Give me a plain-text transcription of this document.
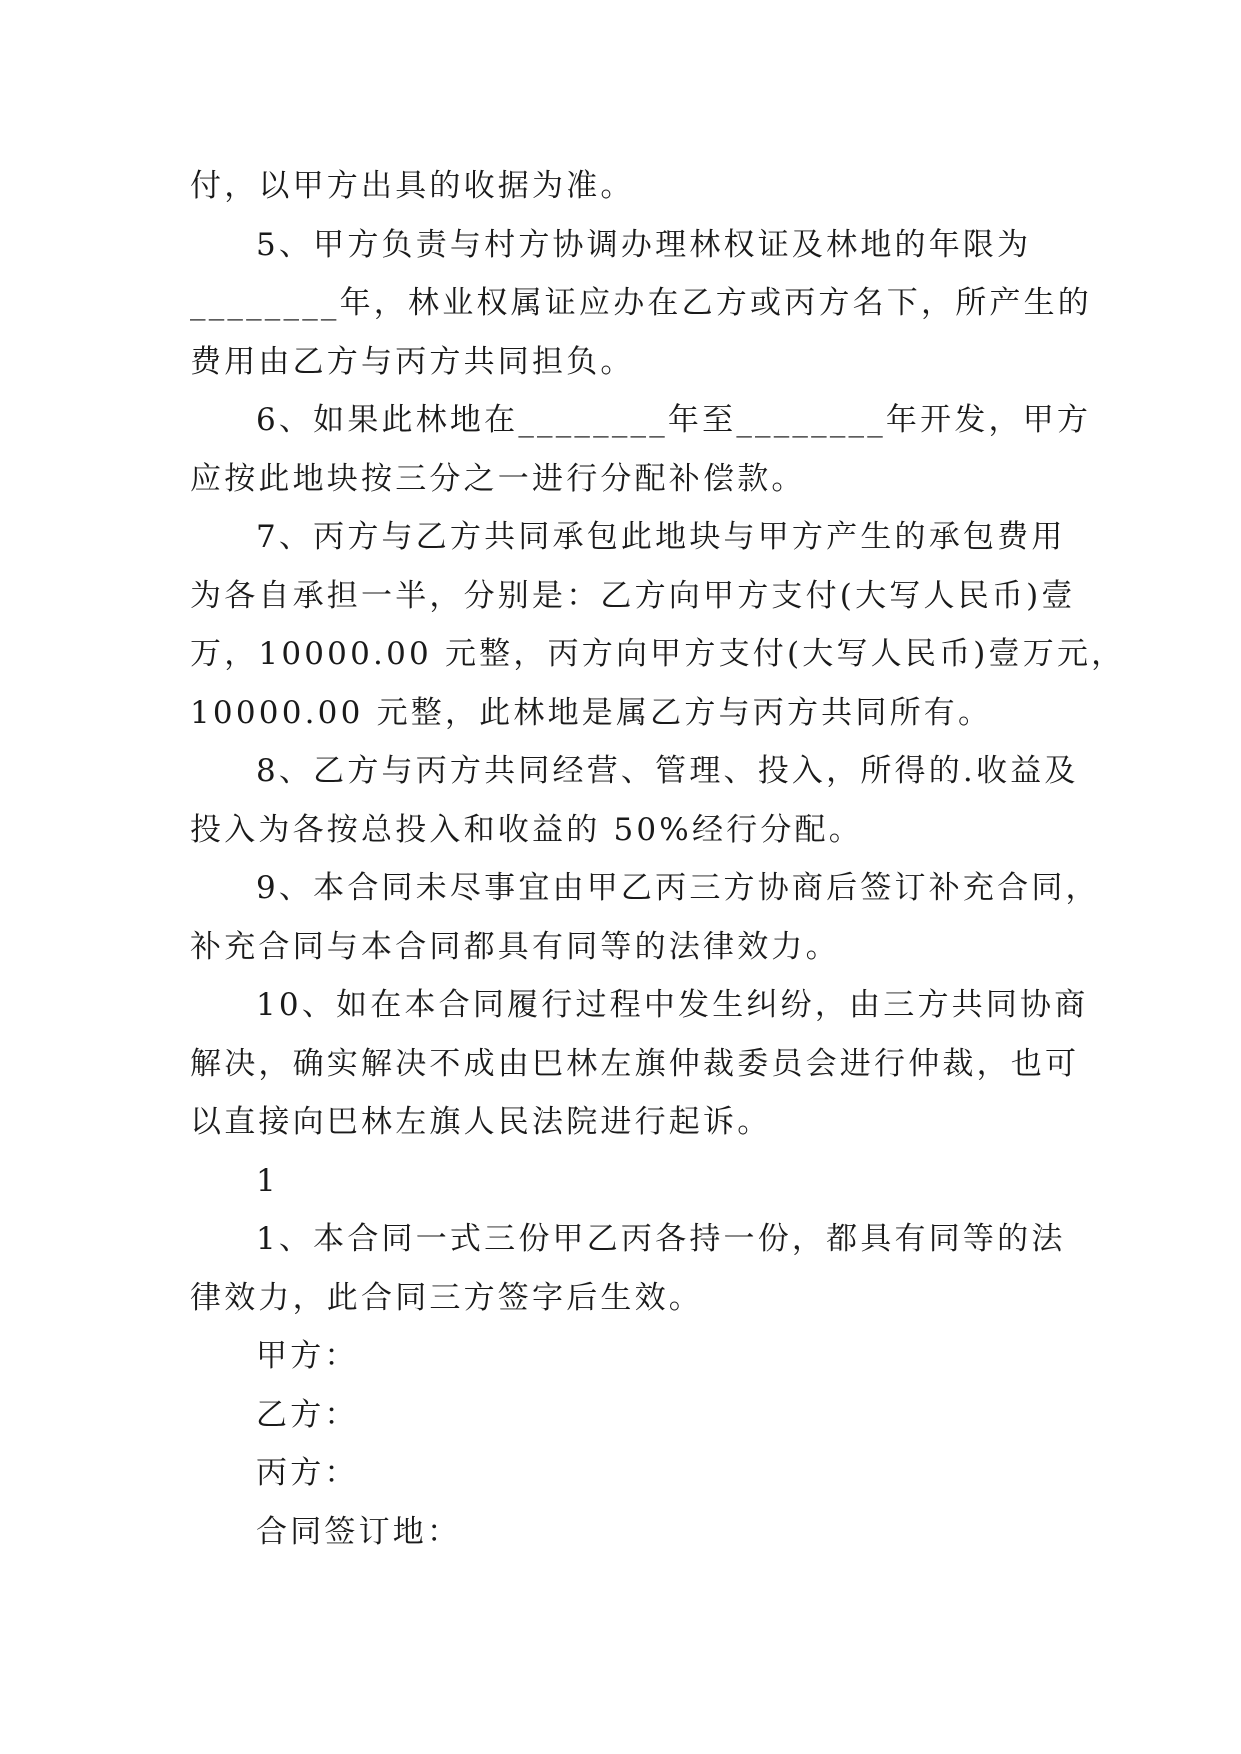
付，以甲方出具的收据为准。
5、甲方负责与村方协调办理林权证及林地的年限为
________年，林业权属证应办在乙方或丙方名下，所产生的
费用由乙方与丙方共同担负。
6、如果此林地在________年至________年开发，甲方
应按此地块按三分之一进行分配补偿款。
7、丙方与乙方共同承包此地块与甲方产生的承包费用
为各自承担一半，分别是：乙方向甲方支付(大写人民币)壹
万，10000.00 元整，丙方向甲方支付(大写人民币)壹万元，
10000.00 元整，此林地是属乙方与丙方共同所有。
8、乙方与丙方共同经营、管理、投入，所得的.收益及
投入为各按总投入和收益的 50%经行分配。
9、本合同未尽事宜由甲乙丙三方协商后签订补充合同，
补充合同与本合同都具有同等的法律效力。
10、如在本合同履行过程中发生纠纷，由三方共同协商
解决，确实解决不成由巴林左旗仲裁委员会进行仲裁，也可
以直接向巴林左旗人民法院进行起诉。
1
1、本合同一式三份甲乙丙各持一份，都具有同等的法
律效力，此合同三方签字后生效。
甲方：
乙方：
丙方：
合同签订地：
